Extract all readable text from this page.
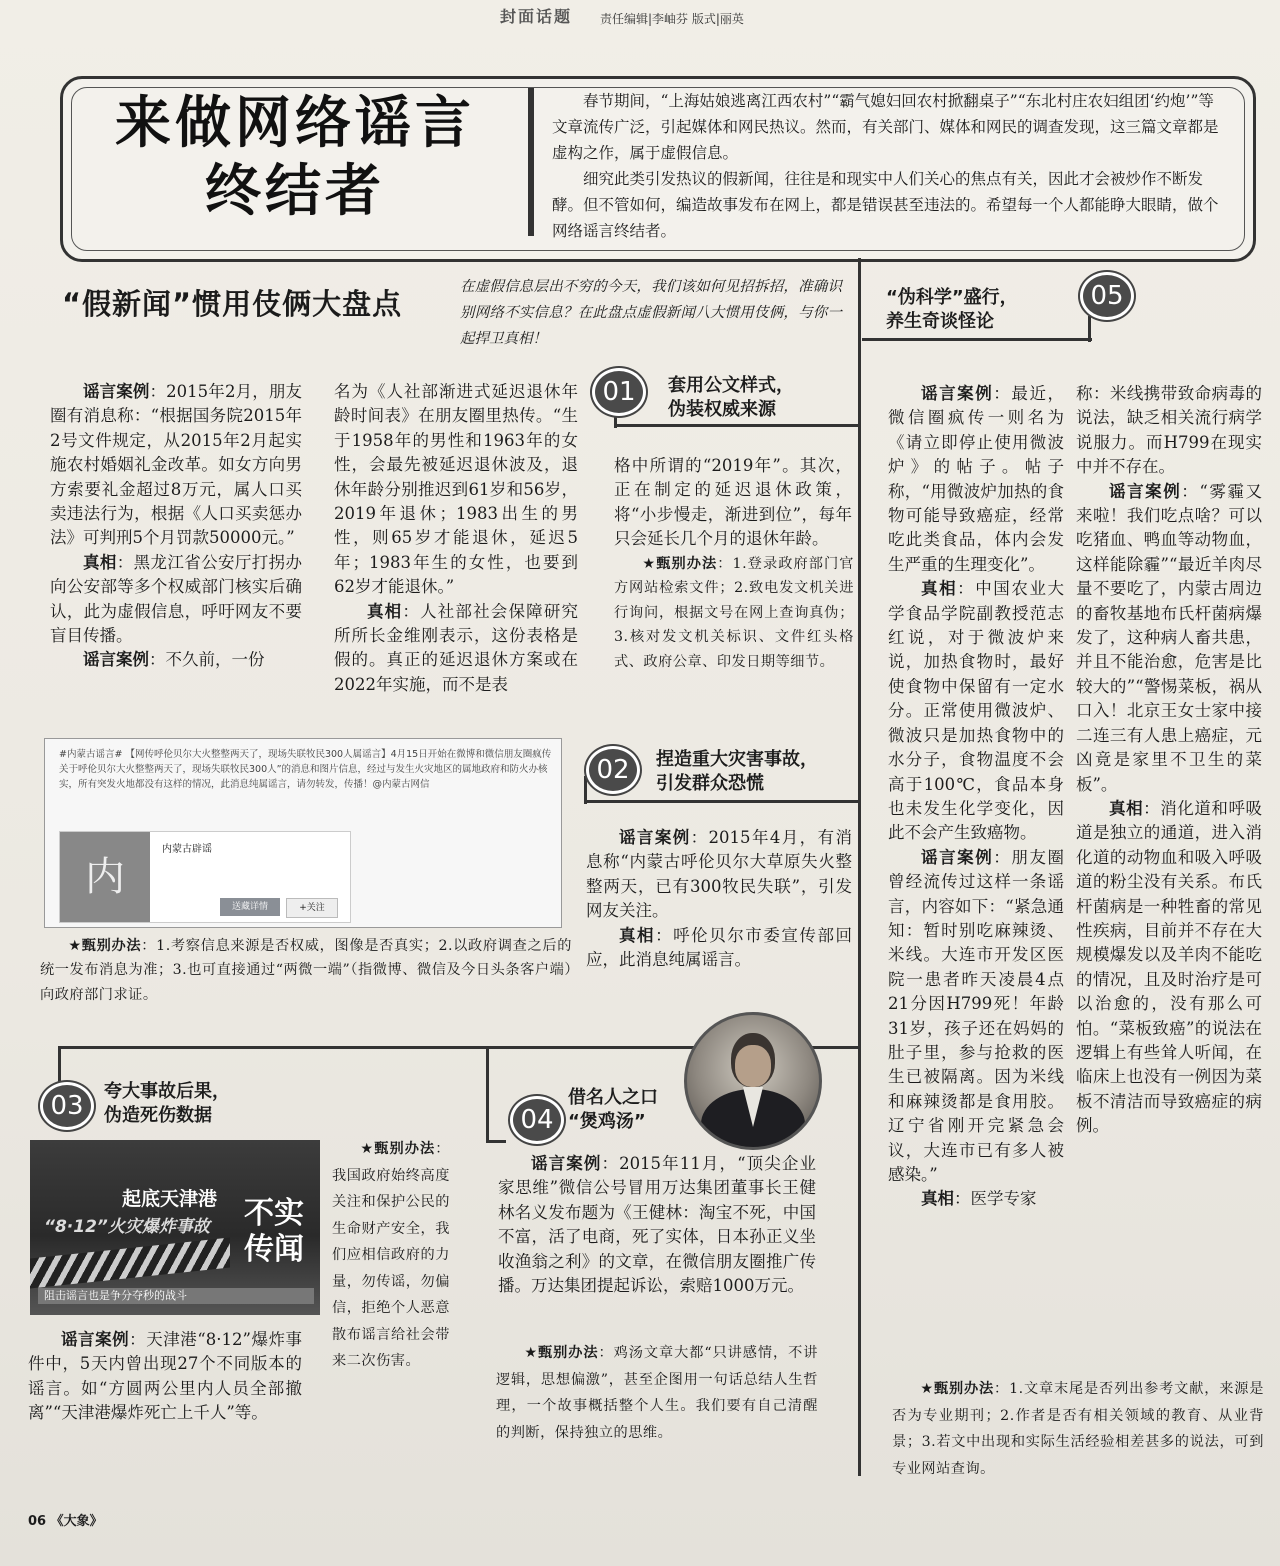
封面话题 责任编辑|李岫芬 版式|丽英
来做网络谣言
终结者

春节期间，“上海姑娘逃离江西农村”“霸气媳妇回农村掀翻桌子”“东北村庄农妇组团‘约炮’”等文章流传广泛，引起媒体和网民热议。然而，有关部门、媒体和网民的调查发现，这三篇文章都是虚构之作，属于虚假信息。

细究此类引发热议的假新闻，往往是和现实中人们关心的焦点有关，因此才会被炒作不断发酵。但不管如何，编造故事发布在网上，都是错误甚至违法的。希望每一个人都能睁大眼睛，做个网络谣言终结者。

“假新闻”惯用伎俩大盘点	在虚假信息层出不穷的今天，我们该如何见招拆招，准确识别网络不实信息？在此盘点虚假新闻八大惯用伎俩，与你一起捍卫真相！
01	套用公文样式，
伪装权威来源

谣言案例：2015年2月，朋友圈有消息称：“根据国务院2015年2号文件规定，从2015年2月起实施农村婚姻礼金改革。如女方向男方索要礼金超过8万元，属人口买卖违法行为，根据《人口买卖惩办法》可判刑5个月罚款50000元。”

真相：黑龙江省公安厅打拐办向公安部等多个权威部门核实后确认，此为虚假信息，呼吁网友不要盲目传播。

谣言案例：不久前，一份

名为《人社部渐进式延迟退休年龄时间表》在朋友圈里热传。“生于1958年的男性和1963年的女性，会最先被延迟退休波及，退休年龄分别推迟到61岁和56岁，2019年退休；1983出生的男性，则65岁才能退休，延迟5年；1983年生的女性，也要到62岁才能退休。”

真相：人社部社会保障研究所所长金维刚表示，这份表格是假的。真正的延迟退休方案或在2022年实施，而不是表

格中所谓的“2019年”。其次，正在制定的延迟退休政策，将“小步慢走，渐进到位”，每年只会延长几个月的退休年龄。

★甄别办法：1.登录政府部门官方网站检索文件；2.致电发文机关进行询问，根据文号在网上查询真伪；3.核对发文机关标识、文件红头格式、政府公章、印发日期等细节。
#内蒙古谣言# 【网传呼伦贝尔大火整整两天了，现场失联牧民300人属谣言】4月15日开始在微博和微信朋友圈疯传关于呼伦贝尔大火整整两天了，现场失联牧民300人”的消息和图片信息，经过与发生火灾地区的属地政府和防火办核实，所有突发火地都没有这样的情况，此消息纯属谣言，请勿转发，传播！@内蒙古网信
内
内蒙古辟谣
送藏详情	+关注
★甄别办法：1.考察信息来源是否权威，图像是否真实；2.以政府调查之后的统一发布消息为准；3.也可直接通过“两微一端”（指微博、微信及今日头条客户端）向政府部门求证。
02	捏造重大灾害事故，
引发群众恐慌

谣言案例：2015年4月，有消息称“内蒙古呼伦贝尔大草原失火整整两天，已有300牧民失联”，引发网友关注。

真相：呼伦贝尔市委宣传部回应，此消息纯属谣言。

03	夸大事故后果，
伪造死伤数据
起底天津港
“8·12”火灾爆炸事故	不实传闻
阻击谣言也是争分夺秒的战斗

谣言案例：天津港“8·12”爆炸事件中，5天内曾出现27个不同版本的谣言。如“方圆两公里内人员全部撤离”“天津港爆炸死亡上千人”等。

★甄别办法：我国政府始终高度关注和保护公民的生命财产安全，我们应相信政府的力量，勿传谣，勿偏信，拒绝个人恶意散布谣言给社会带来二次伤害。
04
借名人之口
“煲鸡汤”

谣言案例：2015年11月，“顶尖企业家思维”微信公号冒用万达集团董事长王健林名义发布题为《王健林：淘宝不死，中国不富，活了电商，死了实体，日本孙正义坐收渔翁之利》的文章，在微信朋友圈推广传播。万达集团提起诉讼，索赔1000万元。

★甄别办法：鸡汤文章大都“只讲感情，不讲逻辑，思想偏激”，甚至企图用一句话总结人生哲理，一个故事概括整个人生。我们要有自己清醒的判断，保持独立的思维。
05
“伪科学”盛行，
养生奇谈怪论

谣言案例：最近，微信圈疯传一则名为《请立即停止使用微波炉》的帖子。帖子称，“用微波炉加热的食物可能导致癌症，经常吃此类食品，体内会发生严重的生理变化”。

真相：中国农业大学食品学院副教授范志红说，对于微波炉来说，加热食物时，最好使食物中保留有一定水分。正常使用微波炉、微波只是加热食物中的水分子，食物温度不会高于100℃，食品本身也未发生化学变化，因此不会产生致癌物。

谣言案例：朋友圈曾经流传过这样一条谣言，内容如下：“紧急通知：暂时别吃麻辣烫、米线。大连市开发区医院一患者昨天凌晨4点21分因H799死！年龄31岁，孩子还在妈妈的肚子里，参与抢救的医生已被隔离。因为米线和麻辣烫都是食用胶。辽宁省刚开完紧急会议，大连市已有多人被感染。”

真相：医学专家

称：米线携带致命病毒的说法，缺乏相关流行病学说服力。而H799在现实中并不存在。

谣言案例：“雾霾又来啦！我们吃点啥？可以吃猪血、鸭血等动物血，这样能除霾”“最近羊肉尽量不要吃了，内蒙古周边的畜牧基地布氏杆菌病爆发了，这种病人畜共患，并且不能治愈，危害是比较大的”“警惕菜板，祸从口入！北京王女士家中接二连三有人患上癌症，元凶竟是家里不卫生的菜板”。

真相：消化道和呼吸道是独立的通道，进入消化道的动物血和吸入呼吸道的粉尘没有关系。布氏杆菌病是一种牲畜的常见性疾病，目前并不存在大规模爆发以及羊肉不能吃的情况，且及时治疗是可以治愈的，没有那么可怕。“菜板致癌”的说法在逻辑上有些耸人听闻，在临床上也没有一例因为菜板不清洁而导致癌症的病例。

★甄别办法：1.文章末尾是否列出参考文献，来源是否为专业期刊；2.作者是否有相关领域的教育、从业背景；3.若文中出现和实际生活经验相差甚多的说法，可到专业网站查询。
06 《大象》
